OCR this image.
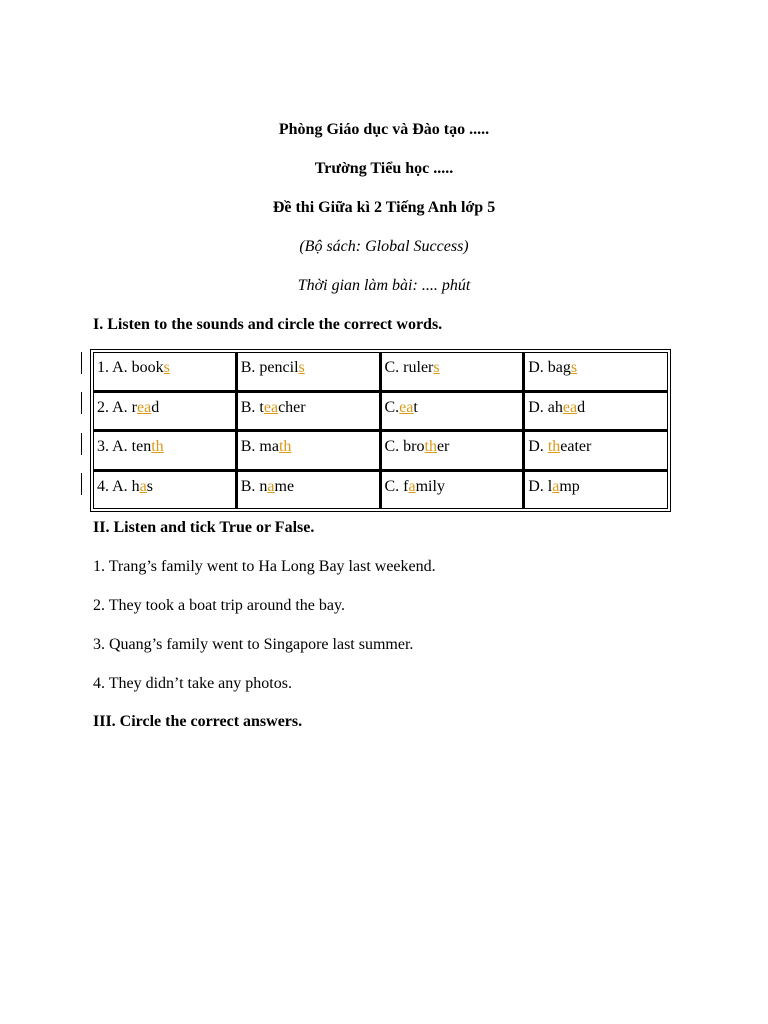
Phòng Giáo dục và Đào tạo .....
Trường Tiểu học .....
Đề thi Giữa kì 2 Tiếng Anh lớp 5
(Bộ sách: Global Success)
Thời gian làm bài: .... phút
I. Listen to the sounds and circle the correct words.
1. A. books	B. pencils	C. rulers	D. bags
2. A. read	B. teacher	C.eat	D. ahead
3. A. tenth	B. math	C. brother	D. theater
4. A. has	B. name	C. family	D. lamp
II. Listen and tick True or False.
1. Trang’s family went to Ha Long Bay last weekend.
2. They took a boat trip around the bay.
3. Quang’s family went to Singapore last summer.
4. They didn’t take any photos.
III. Circle the correct answers.
